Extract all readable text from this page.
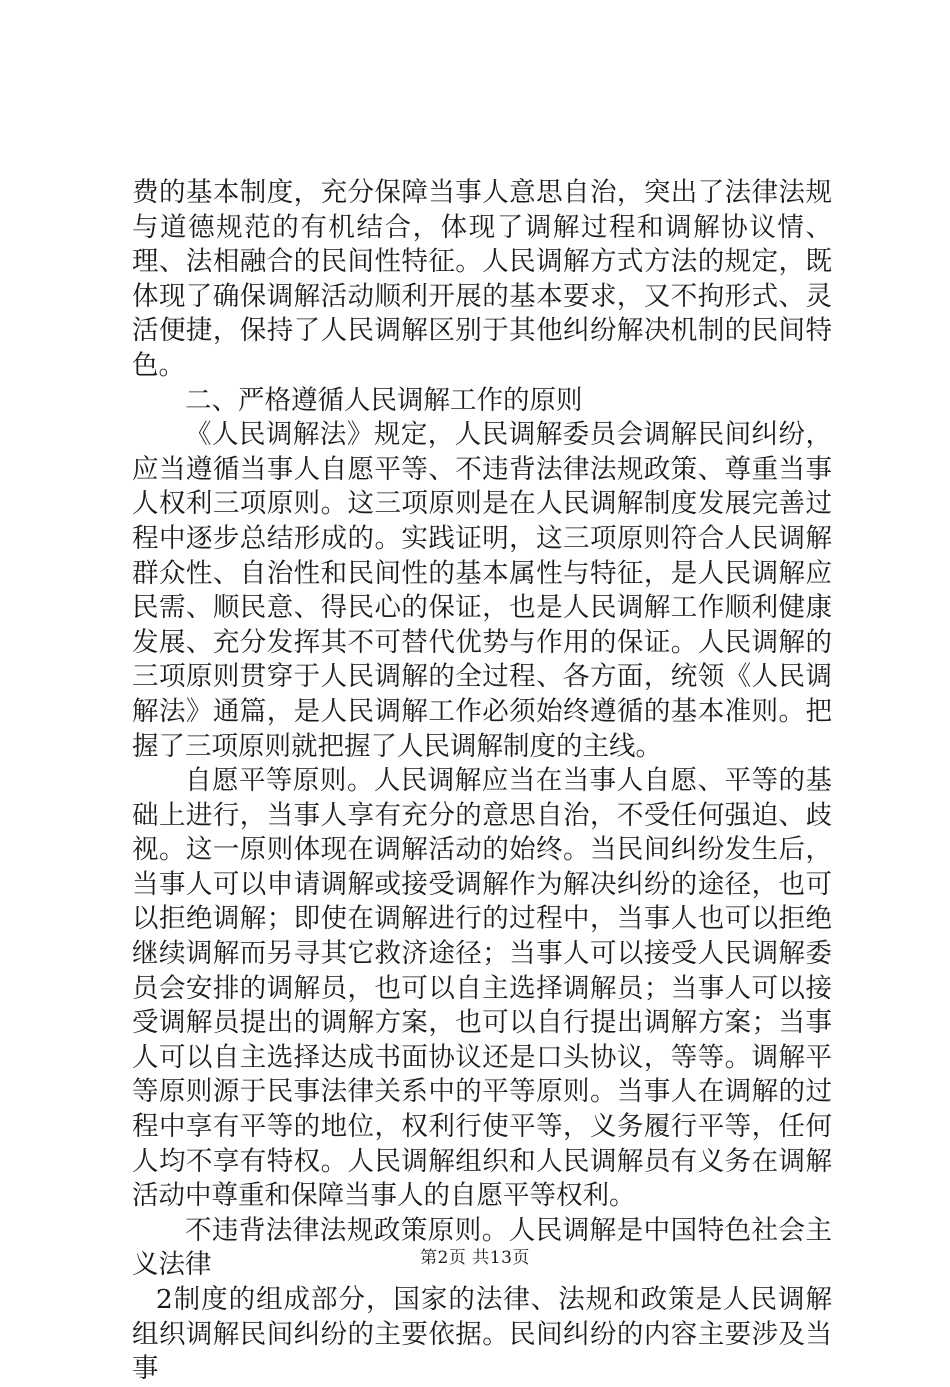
费的基本制度，充分保障当事人意思自治，突出了法律法规与道德规范的有机结合，体现了调解过程和调解协议情、理、法相融合的民间性特征。人民调解方式方法的规定，既体现了确保调解活动顺利开展的基本要求，又不拘形式、灵活便捷，保持了人民调解区别于其他纠纷解决机制的民间特色。

二、严格遵循人民调解工作的原则

《人民调解法》规定，人民调解委员会调解民间纠纷，应当遵循当事人自愿平等、不违背法律法规政策、尊重当事人权利三项原则。这三项原则是在人民调解制度发展完善过程中逐步总结形成的。实践证明，这三项原则符合人民调解群众性、自治性和民间性的基本属性与特征，是人民调解应民需、顺民意、得民心的保证，也是人民调解工作顺利健康发展、充分发挥其不可替代优势与作用的保证。人民调解的三项原则贯穿于人民调解的全过程、各方面，统领《人民调解法》通篇，是人民调解工作必须始终遵循的基本准则。把握了三项原则就把握了人民调解制度的主线。

自愿平等原则。人民调解应当在当事人自愿、平等的基础上进行，当事人享有充分的意思自治，不受任何强迫、歧视。这一原则体现在调解活动的始终。当民间纠纷发生后，当事人可以申请调解或接受调解作为解决纠纷的途径，也可以拒绝调解；即使在调解进行的过程中，当事人也可以拒绝继续调解而另寻其它救济途径；当事人可以接受人民调解委员会安排的调解员，也可以自主选择调解员；当事人可以接受调解员提出的调解方案，也可以自行提出调解方案；当事人可以自主选择达成书面协议还是口头协议，等等。调解平等原则源于民事法律关系中的平等原则。当事人在调解的过程中享有平等的地位，权利行使平等，义务履行平等，任何人均不享有特权。人民调解组织和人民调解员有义务在调解活动中尊重和保障当事人的自愿平等权利。

不违背法律法规政策原则。人民调解是中国特色社会主义法律

2制度的组成部分，国家的法律、法规和政策是人民调解组织调解民间纠纷的主要依据。民间纠纷的内容主要涉及当事

第2页 共13页
